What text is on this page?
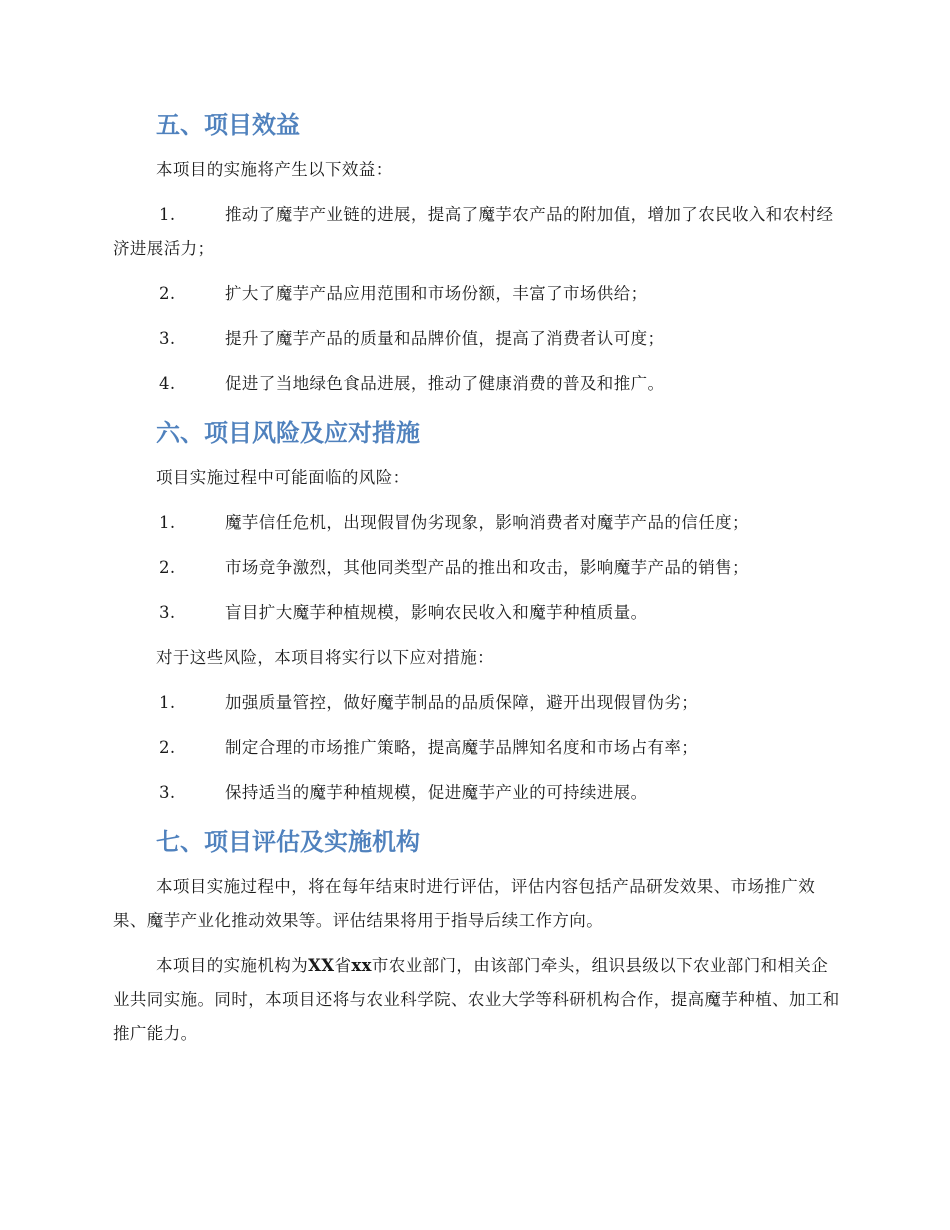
五、项目效益

本项目的实施将产生以下效益：

1.	推动了魔芋产业链的进展，提高了魔芋农产品的附加值，增加了农民收入和农村经济进展活力；

2.	扩大了魔芋产品应用范围和市场份额，丰富了市场供给；

3.	提升了魔芋产品的质量和品牌价值，提高了消费者认可度；

4.	促进了当地绿色食品进展，推动了健康消费的普及和推广。

六、项目风险及应对措施

项目实施过程中可能面临的风险：

1.	魔芋信任危机，出现假冒伪劣现象，影响消费者对魔芋产品的信任度；

2.	市场竞争激烈，其他同类型产品的推出和攻击，影响魔芋产品的销售；

3.	盲目扩大魔芋种植规模，影响农民收入和魔芋种植质量。

对于这些风险，本项目将实行以下应对措施：

1.	加强质量管控，做好魔芋制品的品质保障，避开出现假冒伪劣；

2.	制定合理的市场推广策略，提高魔芋品牌知名度和市场占有率；

3.	保持适当的魔芋种植规模，促进魔芋产业的可持续进展。

七、项目评估及实施机构

本项目实施过程中，将在每年结束时进行评估，评估内容包括产品研发效果、市场推广效果、魔芋产业化推动效果等。评估结果将用于指导后续工作方向。

本项目的实施机构为XX省xx市农业部门，由该部门牵头，组识县级以下农业部门和相关企业共同实施。同时，本项目还将与农业科学院、农业大学等科研机构合作，提高魔芋种植、加工和推广能力。
